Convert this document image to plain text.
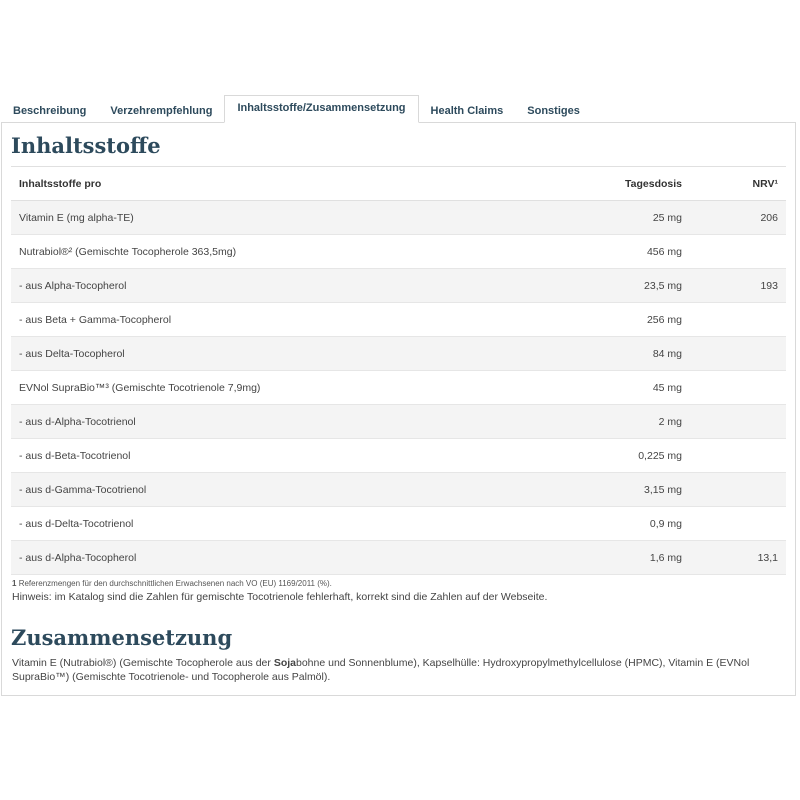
Beschreibung	Verzehrempfehlung	Inhaltsstoffe/Zusammensetzung	Health Claims	Sonstiges
Inhaltsstoffe
Inhaltsstoffe pro	Tagesdosis	NRV¹
Vitamin E (mg alpha-TE)	25 mg	206
Nutrabiol®² (Gemischte Tocopherole 363,5mg)	456 mg	
- aus Alpha-Tocopherol	23,5 mg	193
- aus Beta + Gamma-Tocopherol	256 mg	
- aus Delta-Tocopherol	84 mg	
EVNol SupraBio™³ (Gemischte Tocotrienole 7,9mg)	45 mg	
- aus d-Alpha-Tocotrienol	2 mg	
- aus d-Beta-Tocotrienol	0,225 mg	
- aus d-Gamma-Tocotrienol	3,15 mg	
- aus d-Delta-Tocotrienol	0,9 mg	
- aus d-Alpha-Tocopherol	1,6 mg	13,1
1 Referenzmengen für den durchschnittlichen Erwachsenen nach VO (EU) 1169/2011 (%).
Hinweis: im Katalog sind die Zahlen für gemischte Tocotrienole fehlerhaft, korrekt sind die Zahlen auf der Webseite.
Zusammensetzung
Vitamin E (Nutrabiol®) (Gemischte Tocopherole aus der Sojabohne und Sonnenblume), Kapselhülle: Hydroxypropylmethylcellulose (HPMC), Vitamin E (EVNol SupraBio™) (Gemischte Tocotrienole- und Tocopherole aus Palmöl).
